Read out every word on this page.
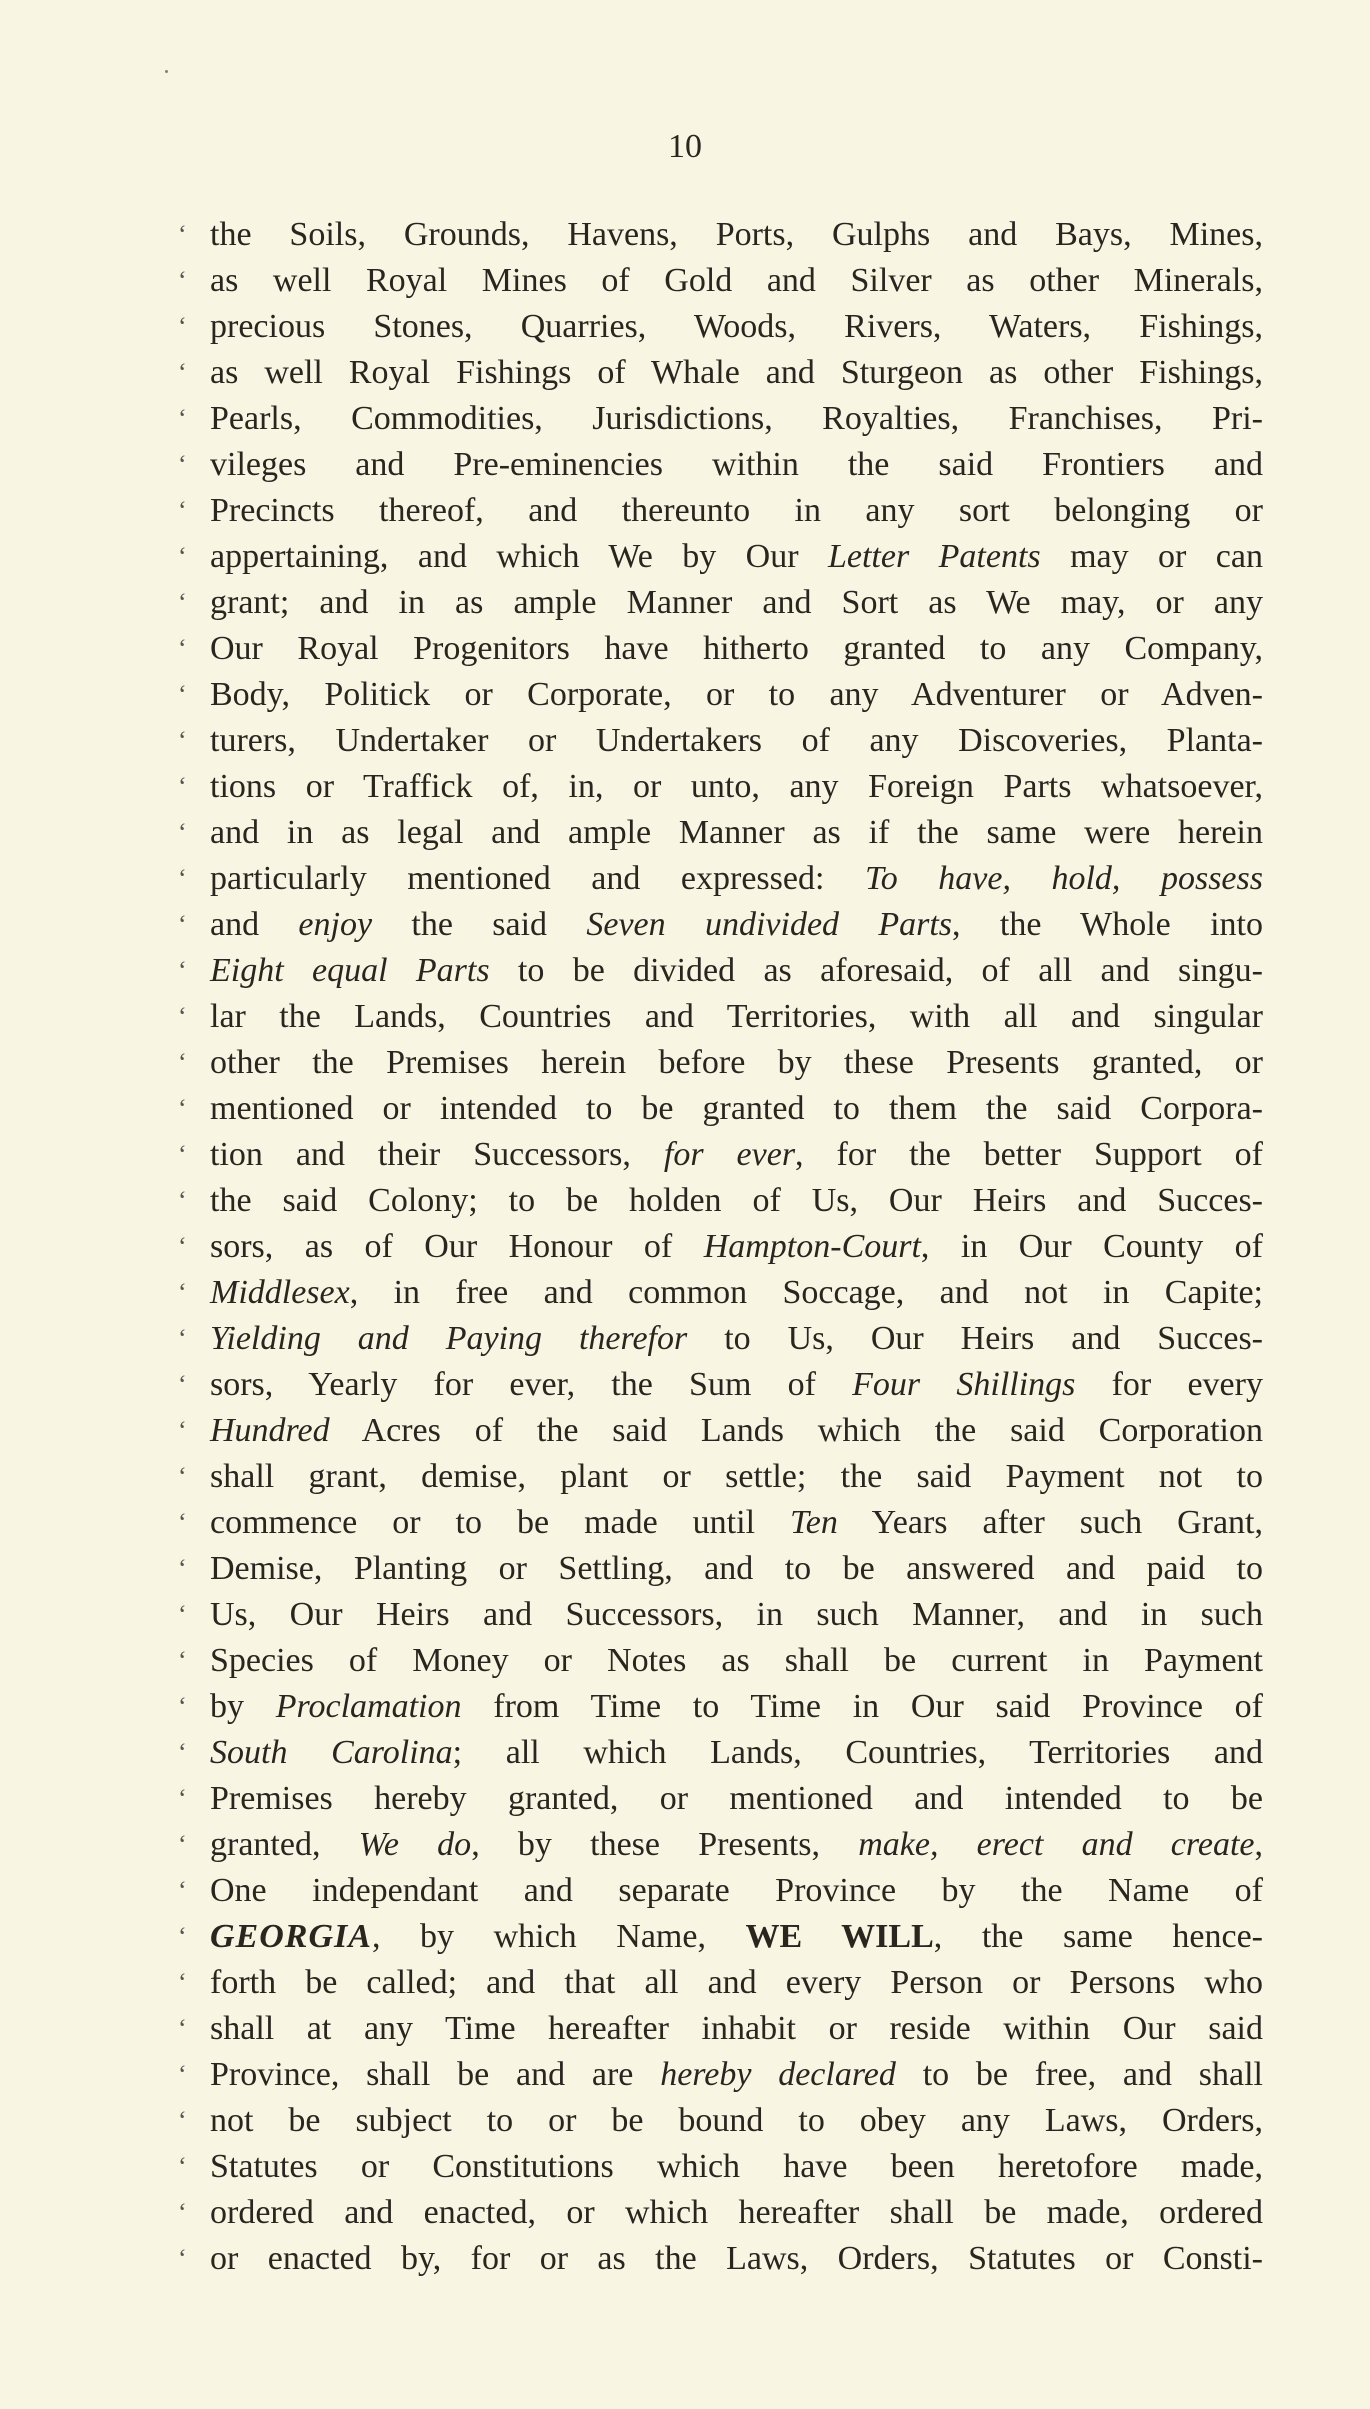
10
‘ the Soils, Grounds, Havens, Ports, Gulphs and Bays, Mines,
‘ as well Royal Mines of Gold and Silver as other Minerals,
‘ precious Stones, Quarries, Woods, Rivers, Waters, Fishings,
‘ as well Royal Fishings of Whale and Sturgeon as other Fishings,
‘ Pearls, Commodities, Jurisdictions, Royalties, Franchises, Pri-
‘ vileges and Pre-eminencies within the said Frontiers and
‘ Precincts thereof, and thereunto in any sort belonging or
‘ appertaining, and which We by Our Letter Patents may or can
‘ grant; and in as ample Manner and Sort as We may, or any
‘ Our Royal Progenitors have hitherto granted to any Company,
‘ Body, Politick or Corporate, or to any Adventurer or Adven-
‘ turers, Undertaker or Undertakers of any Discoveries, Planta-
‘ tions or Traffick of, in, or unto, any Foreign Parts whatsoever,
‘ and in as legal and ample Manner as if the same were herein
‘ particularly mentioned and expressed: To have, hold, possess
‘ and enjoy the said Seven undivided Parts, the Whole into
‘ Eight equal Parts to be divided as aforesaid, of all and singu-
‘ lar the Lands, Countries and Territories, with all and singular
‘ other the Premises herein before by these Presents granted, or
‘ mentioned or intended to be granted to them the said Corpora-
‘ tion and their Successors, for ever, for the better Support of
‘ the said Colony; to be holden of Us, Our Heirs and Succes-
‘ sors, as of Our Honour of Hampton-Court, in Our County of
‘ Middlesex, in free and common Soccage, and not in Capite;
‘ Yielding and Paying therefor to Us, Our Heirs and Succes-
‘ sors, Yearly for ever, the Sum of Four Shillings for every
‘ Hundred Acres of the said Lands which the said Corporation
‘ shall grant, demise, plant or settle; the said Payment not to
‘ commence or to be made until Ten Years after such Grant,
‘ Demise, Planting or Settling, and to be answered and paid to
‘ Us, Our Heirs and Successors, in such Manner, and in such
‘ Species of Money or Notes as shall be current in Payment
‘ by Proclamation from Time to Time in Our said Province of
‘ South Carolina; all which Lands, Countries, Territories and
‘ Premises hereby granted, or mentioned and intended to be
‘ granted, We do, by these Presents, make, erect and create,
‘ One independant and separate Province by the Name of
‘ GEORGIA, by which Name, WE WILL, the same hence-
‘ forth be called; and that all and every Person or Persons who
‘ shall at any Time hereafter inhabit or reside within Our said
‘ Province, shall be and are hereby declared to be free, and shall
‘ not be subject to or be bound to obey any Laws, Orders,
‘ Statutes or Constitutions which have been heretofore made,
‘ ordered and enacted, or which hereafter shall be made, ordered
‘ or enacted by, for or as the Laws, Orders, Statutes or Consti-
